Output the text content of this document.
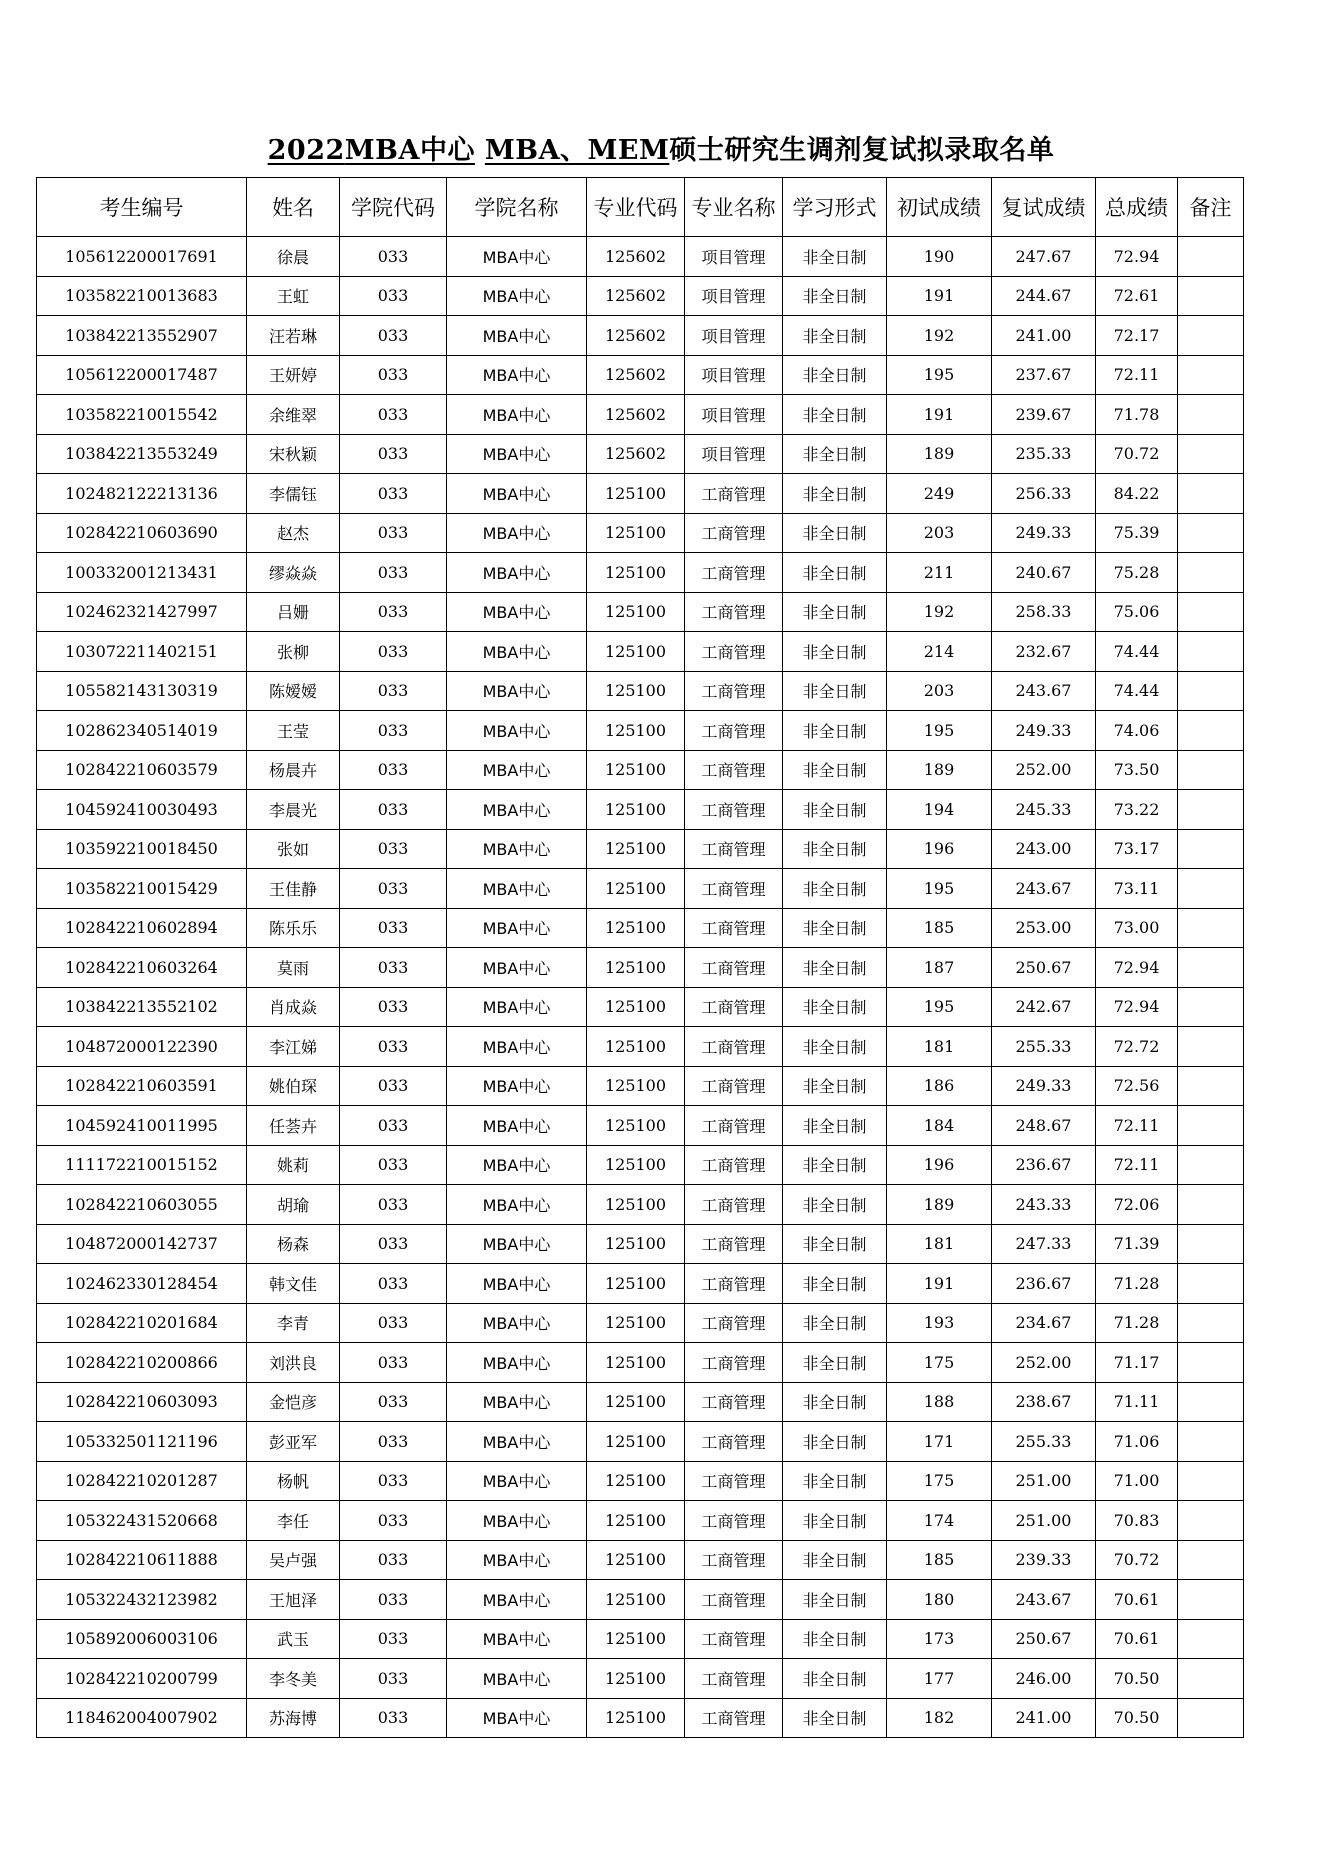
2022MBA中心 MBA、MEM硕士研究生调剂复试拟录取名单
考生编号	姓名	学院代码	学院名称	专业代码	专业名称	学习形式	初试成绩	复试成绩	总成绩	备注
105612200017691	徐晨	033	MBA中心	125602	项目管理	非全日制	190	247.67	72.94	
103582210013683	王虹	033	MBA中心	125602	项目管理	非全日制	191	244.67	72.61	
103842213552907	汪若琳	033	MBA中心	125602	项目管理	非全日制	192	241.00	72.17	
105612200017487	王妍婷	033	MBA中心	125602	项目管理	非全日制	195	237.67	72.11	
103582210015542	余维翠	033	MBA中心	125602	项目管理	非全日制	191	239.67	71.78	
103842213553249	宋秋颖	033	MBA中心	125602	项目管理	非全日制	189	235.33	70.72	
102482122213136	李儒钰	033	MBA中心	125100	工商管理	非全日制	249	256.33	84.22	
102842210603690	赵杰	033	MBA中心	125100	工商管理	非全日制	203	249.33	75.39	
100332001213431	缪焱焱	033	MBA中心	125100	工商管理	非全日制	211	240.67	75.28	
102462321427997	吕姗	033	MBA中心	125100	工商管理	非全日制	192	258.33	75.06	
103072211402151	张柳	033	MBA中心	125100	工商管理	非全日制	214	232.67	74.44	
105582143130319	陈嫒嫒	033	MBA中心	125100	工商管理	非全日制	203	243.67	74.44	
102862340514019	王莹	033	MBA中心	125100	工商管理	非全日制	195	249.33	74.06	
102842210603579	杨晨卉	033	MBA中心	125100	工商管理	非全日制	189	252.00	73.50	
104592410030493	李晨光	033	MBA中心	125100	工商管理	非全日制	194	245.33	73.22	
103592210018450	张如	033	MBA中心	125100	工商管理	非全日制	196	243.00	73.17	
103582210015429	王佳静	033	MBA中心	125100	工商管理	非全日制	195	243.67	73.11	
102842210602894	陈乐乐	033	MBA中心	125100	工商管理	非全日制	185	253.00	73.00	
102842210603264	莫雨	033	MBA中心	125100	工商管理	非全日制	187	250.67	72.94	
103842213552102	肖成焱	033	MBA中心	125100	工商管理	非全日制	195	242.67	72.94	
104872000122390	李江娣	033	MBA中心	125100	工商管理	非全日制	181	255.33	72.72	
102842210603591	姚伯琛	033	MBA中心	125100	工商管理	非全日制	186	249.33	72.56	
104592410011995	任荟卉	033	MBA中心	125100	工商管理	非全日制	184	248.67	72.11	
111172210015152	姚莉	033	MBA中心	125100	工商管理	非全日制	196	236.67	72.11	
102842210603055	胡瑜	033	MBA中心	125100	工商管理	非全日制	189	243.33	72.06	
104872000142737	杨森	033	MBA中心	125100	工商管理	非全日制	181	247.33	71.39	
102462330128454	韩文佳	033	MBA中心	125100	工商管理	非全日制	191	236.67	71.28	
102842210201684	李青	033	MBA中心	125100	工商管理	非全日制	193	234.67	71.28	
102842210200866	刘洪良	033	MBA中心	125100	工商管理	非全日制	175	252.00	71.17	
102842210603093	金恺彦	033	MBA中心	125100	工商管理	非全日制	188	238.67	71.11	
105332501121196	彭亚军	033	MBA中心	125100	工商管理	非全日制	171	255.33	71.06	
102842210201287	杨帆	033	MBA中心	125100	工商管理	非全日制	175	251.00	71.00	
105322431520668	李任	033	MBA中心	125100	工商管理	非全日制	174	251.00	70.83	
102842210611888	吴卢强	033	MBA中心	125100	工商管理	非全日制	185	239.33	70.72	
105322432123982	王旭泽	033	MBA中心	125100	工商管理	非全日制	180	243.67	70.61	
105892006003106	武玉	033	MBA中心	125100	工商管理	非全日制	173	250.67	70.61	
102842210200799	李冬美	033	MBA中心	125100	工商管理	非全日制	177	246.00	70.50	
118462004007902	苏海博	033	MBA中心	125100	工商管理	非全日制	182	241.00	70.50	
